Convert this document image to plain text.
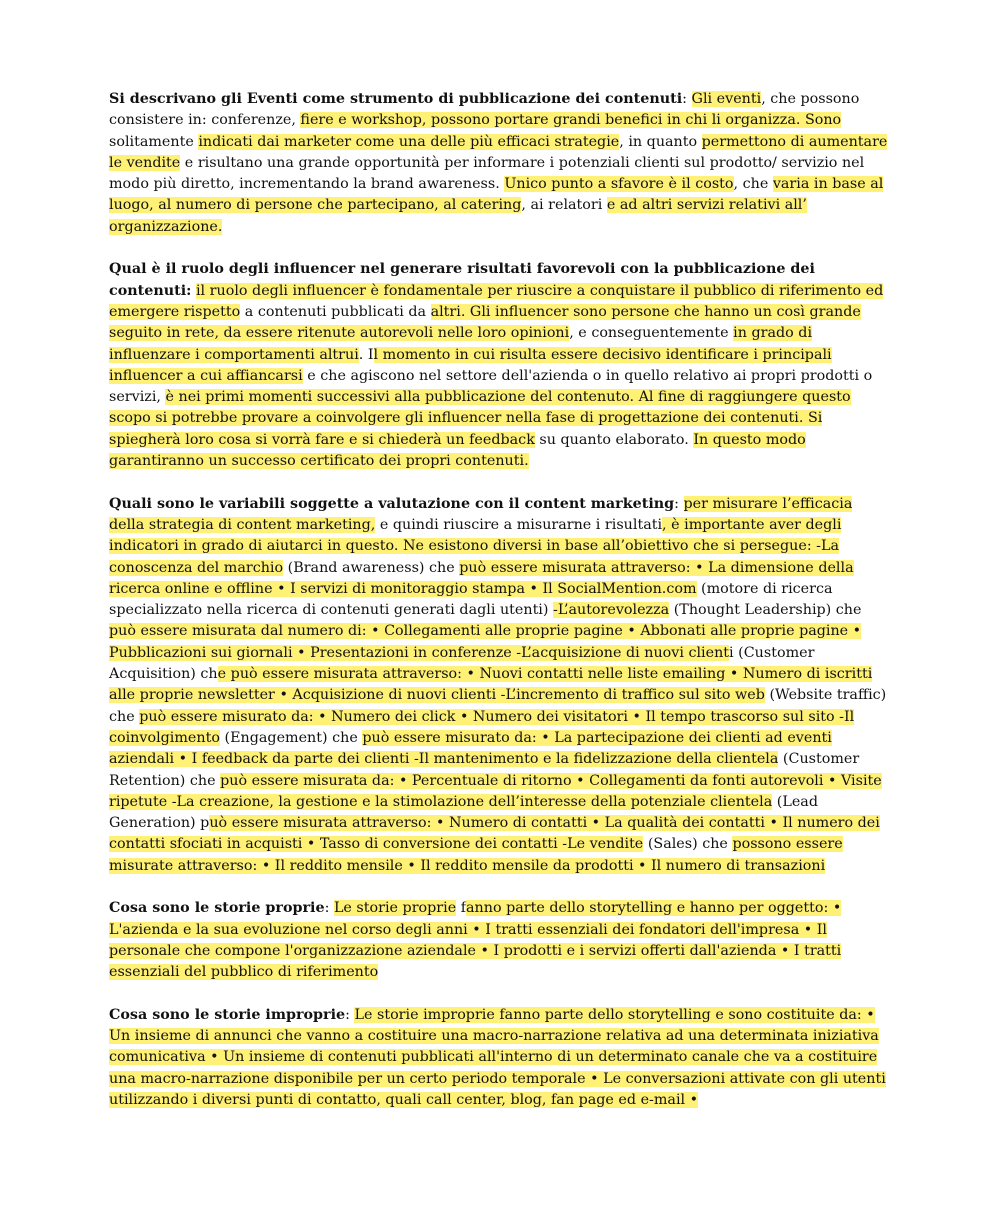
Si descrivano gli Eventi come strumento di pubblicazione dei contenuti: Gli eventi, che possono consistere in: conferenze, fiere e workshop, possono portare grandi benefici in chi li organizza. Sono solitamente indicati dai marketer come una delle più efficaci strategie, in quanto permettono di aumentare le vendite e risultano una grande opportunità per informare i potenziali clienti sul prodotto/ servizio nel modo più diretto, incrementando la brand awareness. Unico punto a sfavore è il costo, che varia in base al luogo, al numero di persone che partecipano, al catering, ai relatori e ad altri servizi relativi all’ organizzazione.

Qual è il ruolo degli influencer nel generare risultati favorevoli con la pubblicazione dei contenuti: il ruolo degli influencer è fondamentale per riuscire a conquistare il pubblico di riferimento ed emergere rispetto a contenuti pubblicati da altri. Gli influencer sono persone che hanno un così grande seguito in rete, da essere ritenute autorevoli nelle loro opinioni, e conseguentemente in grado di influenzare i comportamenti altrui. Il momento in cui risulta essere decisivo identificare i principali influencer a cui affiancarsi e che agiscono nel settore dell'azienda o in quello relativo ai propri prodotti o servizi, è nei primi momenti successivi alla pubblicazione del contenuto. Al fine di raggiungere questo scopo si potrebbe provare a coinvolgere gli influencer nella fase di progettazione dei contenuti. Si spiegherà loro cosa si vorrà fare e si chiederà un feedback su quanto elaborato. In questo modo garantiranno un successo certificato dei propri contenuti.

Quali sono le variabili soggette a valutazione con il content marketing: per misurare l’efficacia della strategia di content marketing, e quindi riuscire a misurarne i risultati, è importante aver degli indicatori in grado di aiutarci in questo. Ne esistono diversi in base all’obiettivo che si persegue: -La conoscenza del marchio (Brand awareness) che può essere misurata attraverso: • La dimensione della ricerca online e offline • I servizi di monitoraggio stampa • Il SocialMention.com (motore di ricerca specializzato nella ricerca di contenuti generati dagli utenti) -L’autorevolezza (Thought Leadership) che può essere misurata dal numero di: • Collegamenti alle proprie pagine • Abbonati alle proprie pagine • Pubblicazioni sui giornali • Presentazioni in conferenze -L’acquisizione di nuovi clienti (Customer Acquisition) che può essere misurata attraverso: • Nuovi contatti nelle liste emailing • Numero di iscritti alle proprie newsletter • Acquisizione di nuovi clienti -L’incremento di traffico sul sito web (Website traffic) che può essere misurato da: • Numero dei click • Numero dei visitatori • Il tempo trascorso sul sito -Il coinvolgimento (Engagement) che può essere misurato da: • La partecipazione dei clienti ad eventi aziendali • I feedback da parte dei clienti -Il mantenimento e la fidelizzazione della clientela (Customer Retention) che può essere misurata da: • Percentuale di ritorno • Collegamenti da fonti autorevoli • Visite ripetute -La creazione, la gestione e la stimolazione dell’interesse della potenziale clientela (Lead Generation) può essere misurata attraverso: • Numero di contatti • La qualità dei contatti • Il numero dei contatti sfociati in acquisti • Tasso di conversione dei contatti -Le vendite (Sales) che possono essere misurate attraverso: • Il reddito mensile • Il reddito mensile da prodotti • Il numero di transazioni

Cosa sono le storie proprie: Le storie proprie fanno parte dello storytelling e hanno per oggetto: • L'azienda e la sua evoluzione nel corso degli anni • I tratti essenziali dei fondatori dell'impresa • Il personale che compone l'organizzazione aziendale • I prodotti e i servizi offerti dall'azienda • I tratti essenziali del pubblico di riferimento

Cosa sono le storie improprie: Le storie improprie fanno parte dello storytelling e sono costituite da: • Un insieme di annunci che vanno a costituire una macro-narrazione relativa ad una determinata iniziativa comunicativa • Un insieme di contenuti pubblicati all'interno di un determinato canale che va a costituire una macro-narrazione disponibile per un certo periodo temporale • Le conversazioni attivate con gli utenti utilizzando i diversi punti di contatto, quali call center, blog, fan page ed e-mail •
